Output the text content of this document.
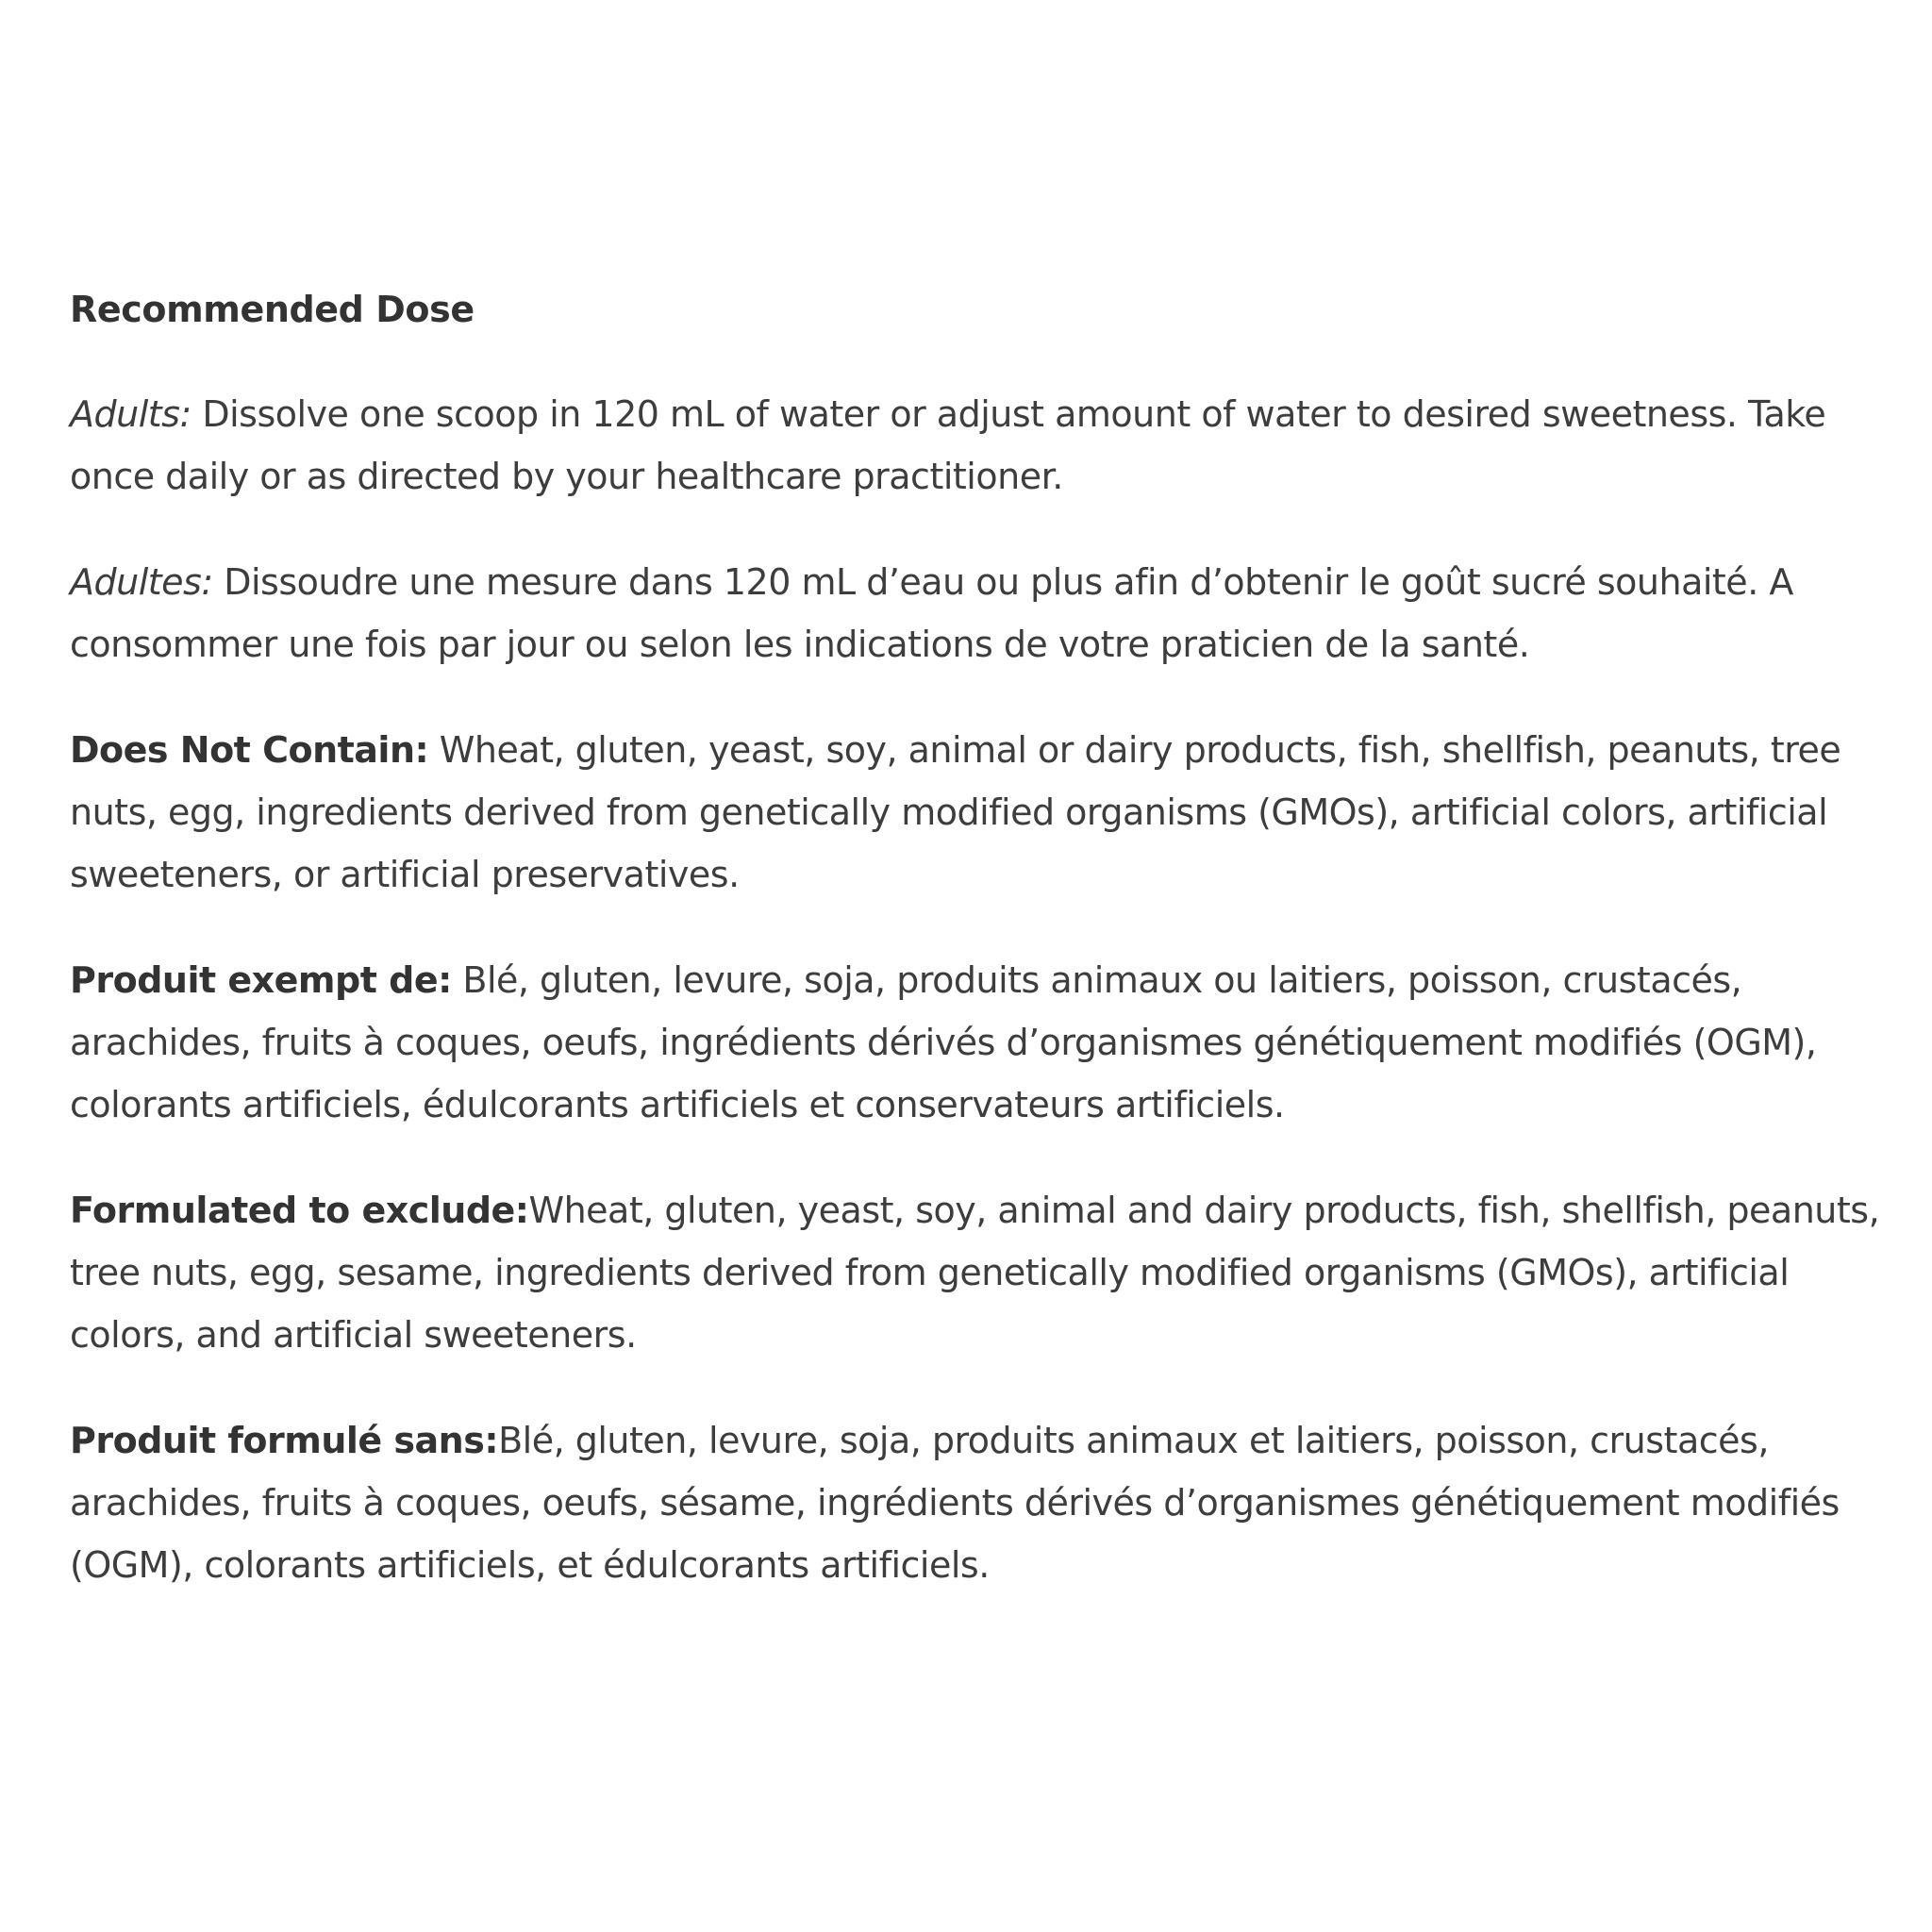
Recommended Dose

Adults: Dissolve one scoop in 120 mL of water or adjust amount of water to desired sweetness. Take once daily or as directed by your healthcare practitioner.

Adultes: Dissoudre une mesure dans 120 mL d’eau ou plus afin d’obtenir le goût sucré souhaité. A consommer une fois par jour ou selon les indications de votre praticien de la santé.

Does Not Contain: Wheat, gluten, yeast, soy, animal or dairy products, fish, shellfish, peanuts, tree nuts, egg, ingredients derived from genetically modified organisms (GMOs), artificial colors, artificial sweeteners, or artificial preservatives.

Produit exempt de: Blé, gluten, levure, soja, produits animaux ou laitiers, poisson, crustacés, arachides, fruits à coques, oeufs, ingrédients dérivés d’organismes génétiquement modifiés (OGM), colorants artificiels, édulcorants artificiels et conservateurs artificiels.

Formulated to exclude:Wheat, gluten, yeast, soy, animal and dairy products, fish, shellfish, peanuts, tree nuts, egg, sesame, ingredients derived from genetically modified organisms (GMOs), artificial colors, and artificial sweeteners.

Produit formulé sans:Blé, gluten, levure, soja, produits animaux et laitiers, poisson, crustacés, arachides, fruits à coques, oeufs, sésame, ingrédients dérivés d’organismes génétiquement modifiés (OGM), colorants artificiels, et édulcorants artificiels.
